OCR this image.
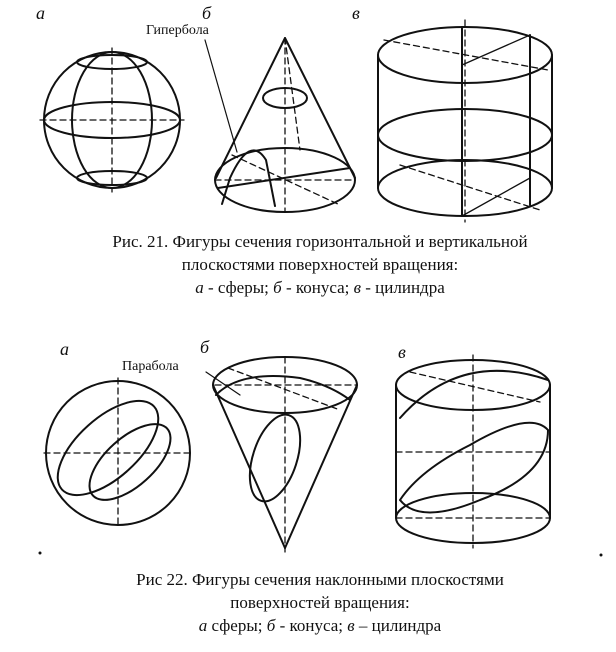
а	б	в
Гипербола
Рис. 21. Фигуры сечения горизонтальной и вертикальной
плоскостями поверхностей вращения:
а - сферы; б - конуса; в - цилиндра
а	б	в
Парабола
Рис 22. Фигуры сечения наклонными плоскостями
поверхностей вращения:
а сферы; б - конуса; в – цилиндра
